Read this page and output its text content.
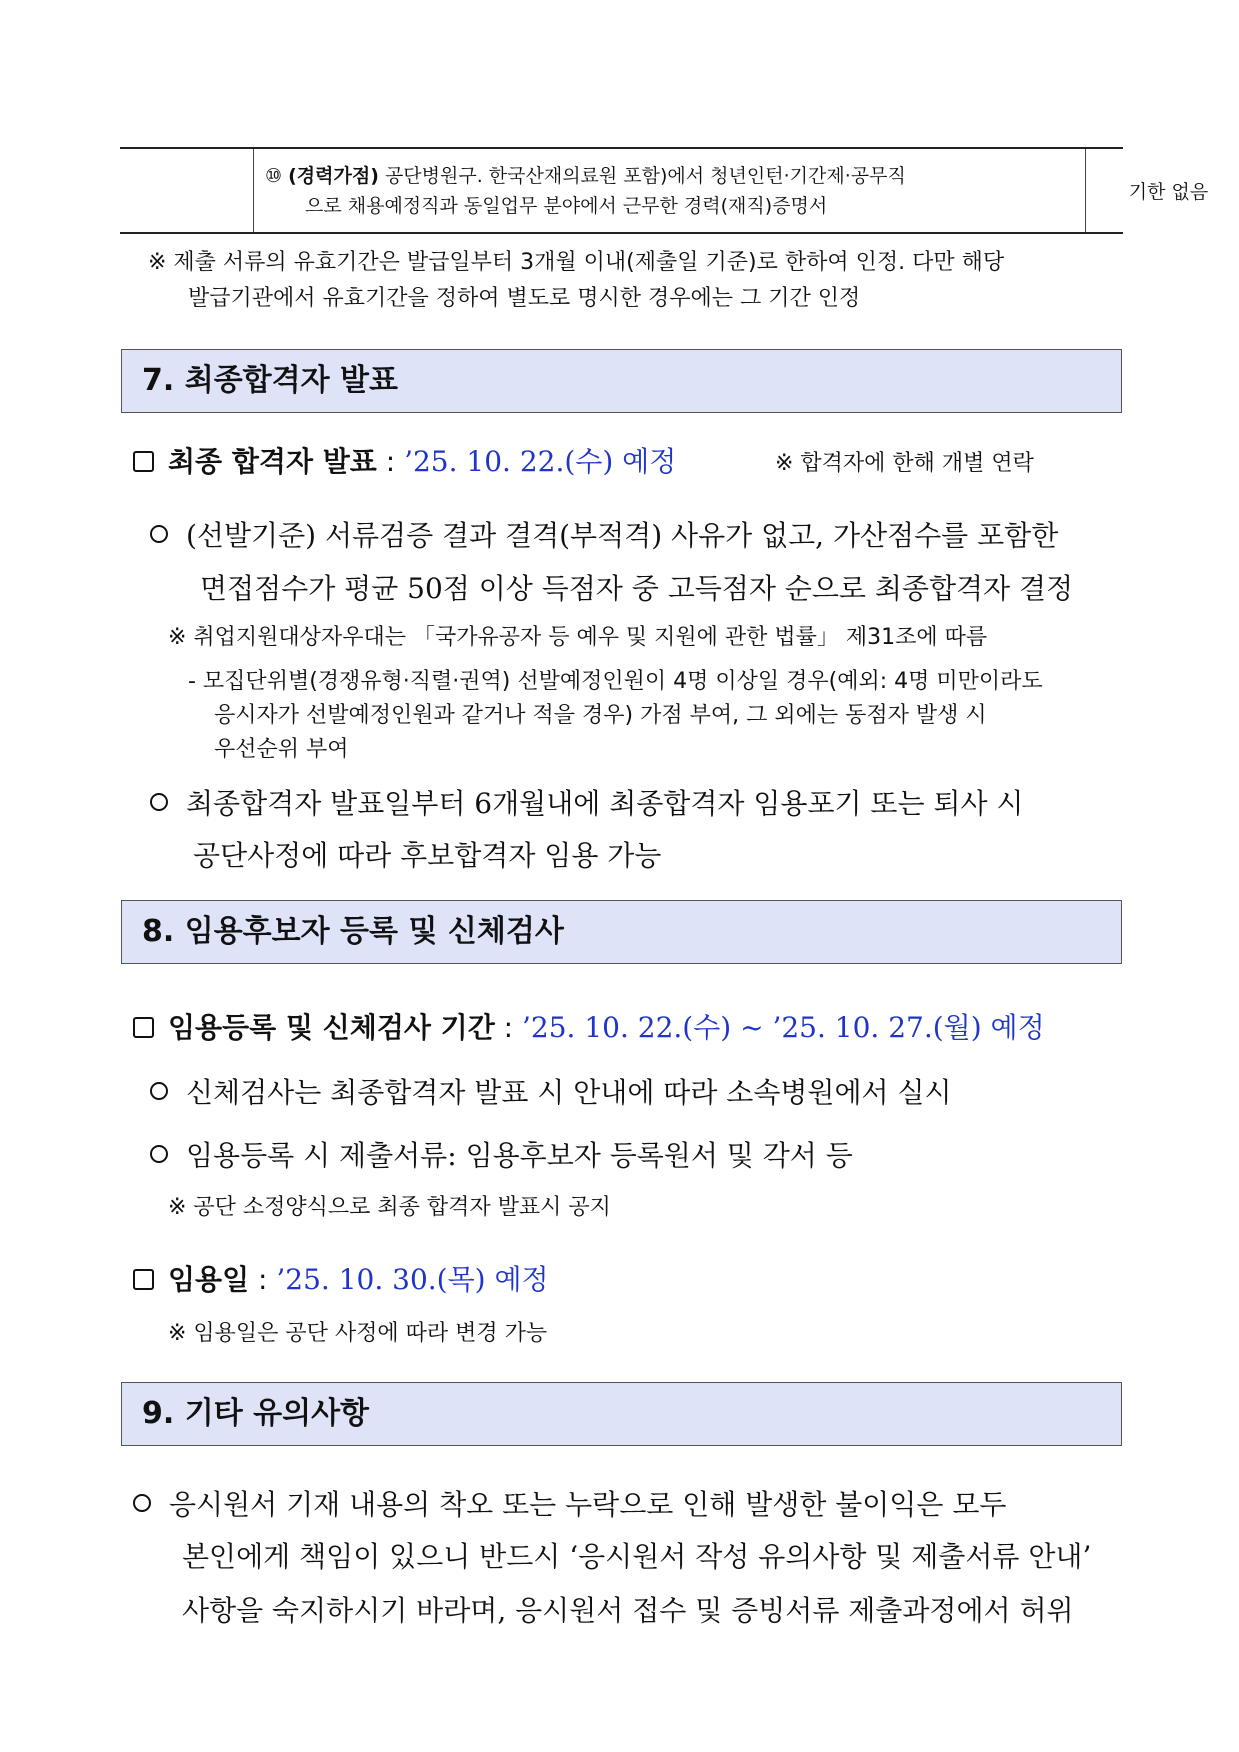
⑩ (경력가점) 공단병원구. 한국산재의료원 포함)에서 청년인턴·기간제·공무직
으로 채용예정직과 동일업무 분야에서 근무한 경력(재직)증명서
기한 없음
※ 제출 서류의 유효기간은 발급일부터 3개월 이내(제출일 기준)로 한하여 인정. 다만 해당
발급기관에서 유효기간을 정하여 별도로 명시한 경우에는 그 기간 인정
7. 최종합격자 발표
최종 합격자 발표 : ’25. 10. 22.(수) 예정	※ 합격자에 한해 개별 연락
(선발기준) 서류검증 결과 결격(부적격) 사유가 없고, 가산점수를 포함한
면접점수가 평균 50점 이상 득점자 중 고득점자 순으로 최종합격자 결정
※ 취업지원대상자우대는 「국가유공자 등 예우 및 지원에 관한 법률」 제31조에 따름
- 모집단위별(경쟁유형·직렬·권역) 선발예정인원이 4명 이상일 경우(예외: 4명 미만이라도
응시자가 선발예정인원과 같거나 적을 경우) 가점 부여, 그 외에는 동점자 발생 시
우선순위 부여
최종합격자 발표일부터 6개월내에 최종합격자 임용포기 또는 퇴사 시
공단사정에 따라 후보합격자 임용 가능
8. 임용후보자 등록 및 신체검사
임용등록 및 신체검사 기간 : ’25. 10. 22.(수) ~ ’25. 10. 27.(월) 예정
신체검사는 최종합격자 발표 시 안내에 따라 소속병원에서 실시
임용등록 시 제출서류: 임용후보자 등록원서 및 각서 등
※ 공단 소정양식으로 최종 합격자 발표시 공지
임용일 : ’25. 10. 30.(목) 예정
※ 임용일은 공단 사정에 따라 변경 가능
9. 기타 유의사항
응시원서 기재 내용의 착오 또는 누락으로 인해 발생한 불이익은 모두
본인에게 책임이 있으니 반드시 ‘응시원서 작성 유의사항 및 제출서류 안내’
사항을 숙지하시기 바라며, 응시원서 접수 및 증빙서류 제출과정에서 허위
